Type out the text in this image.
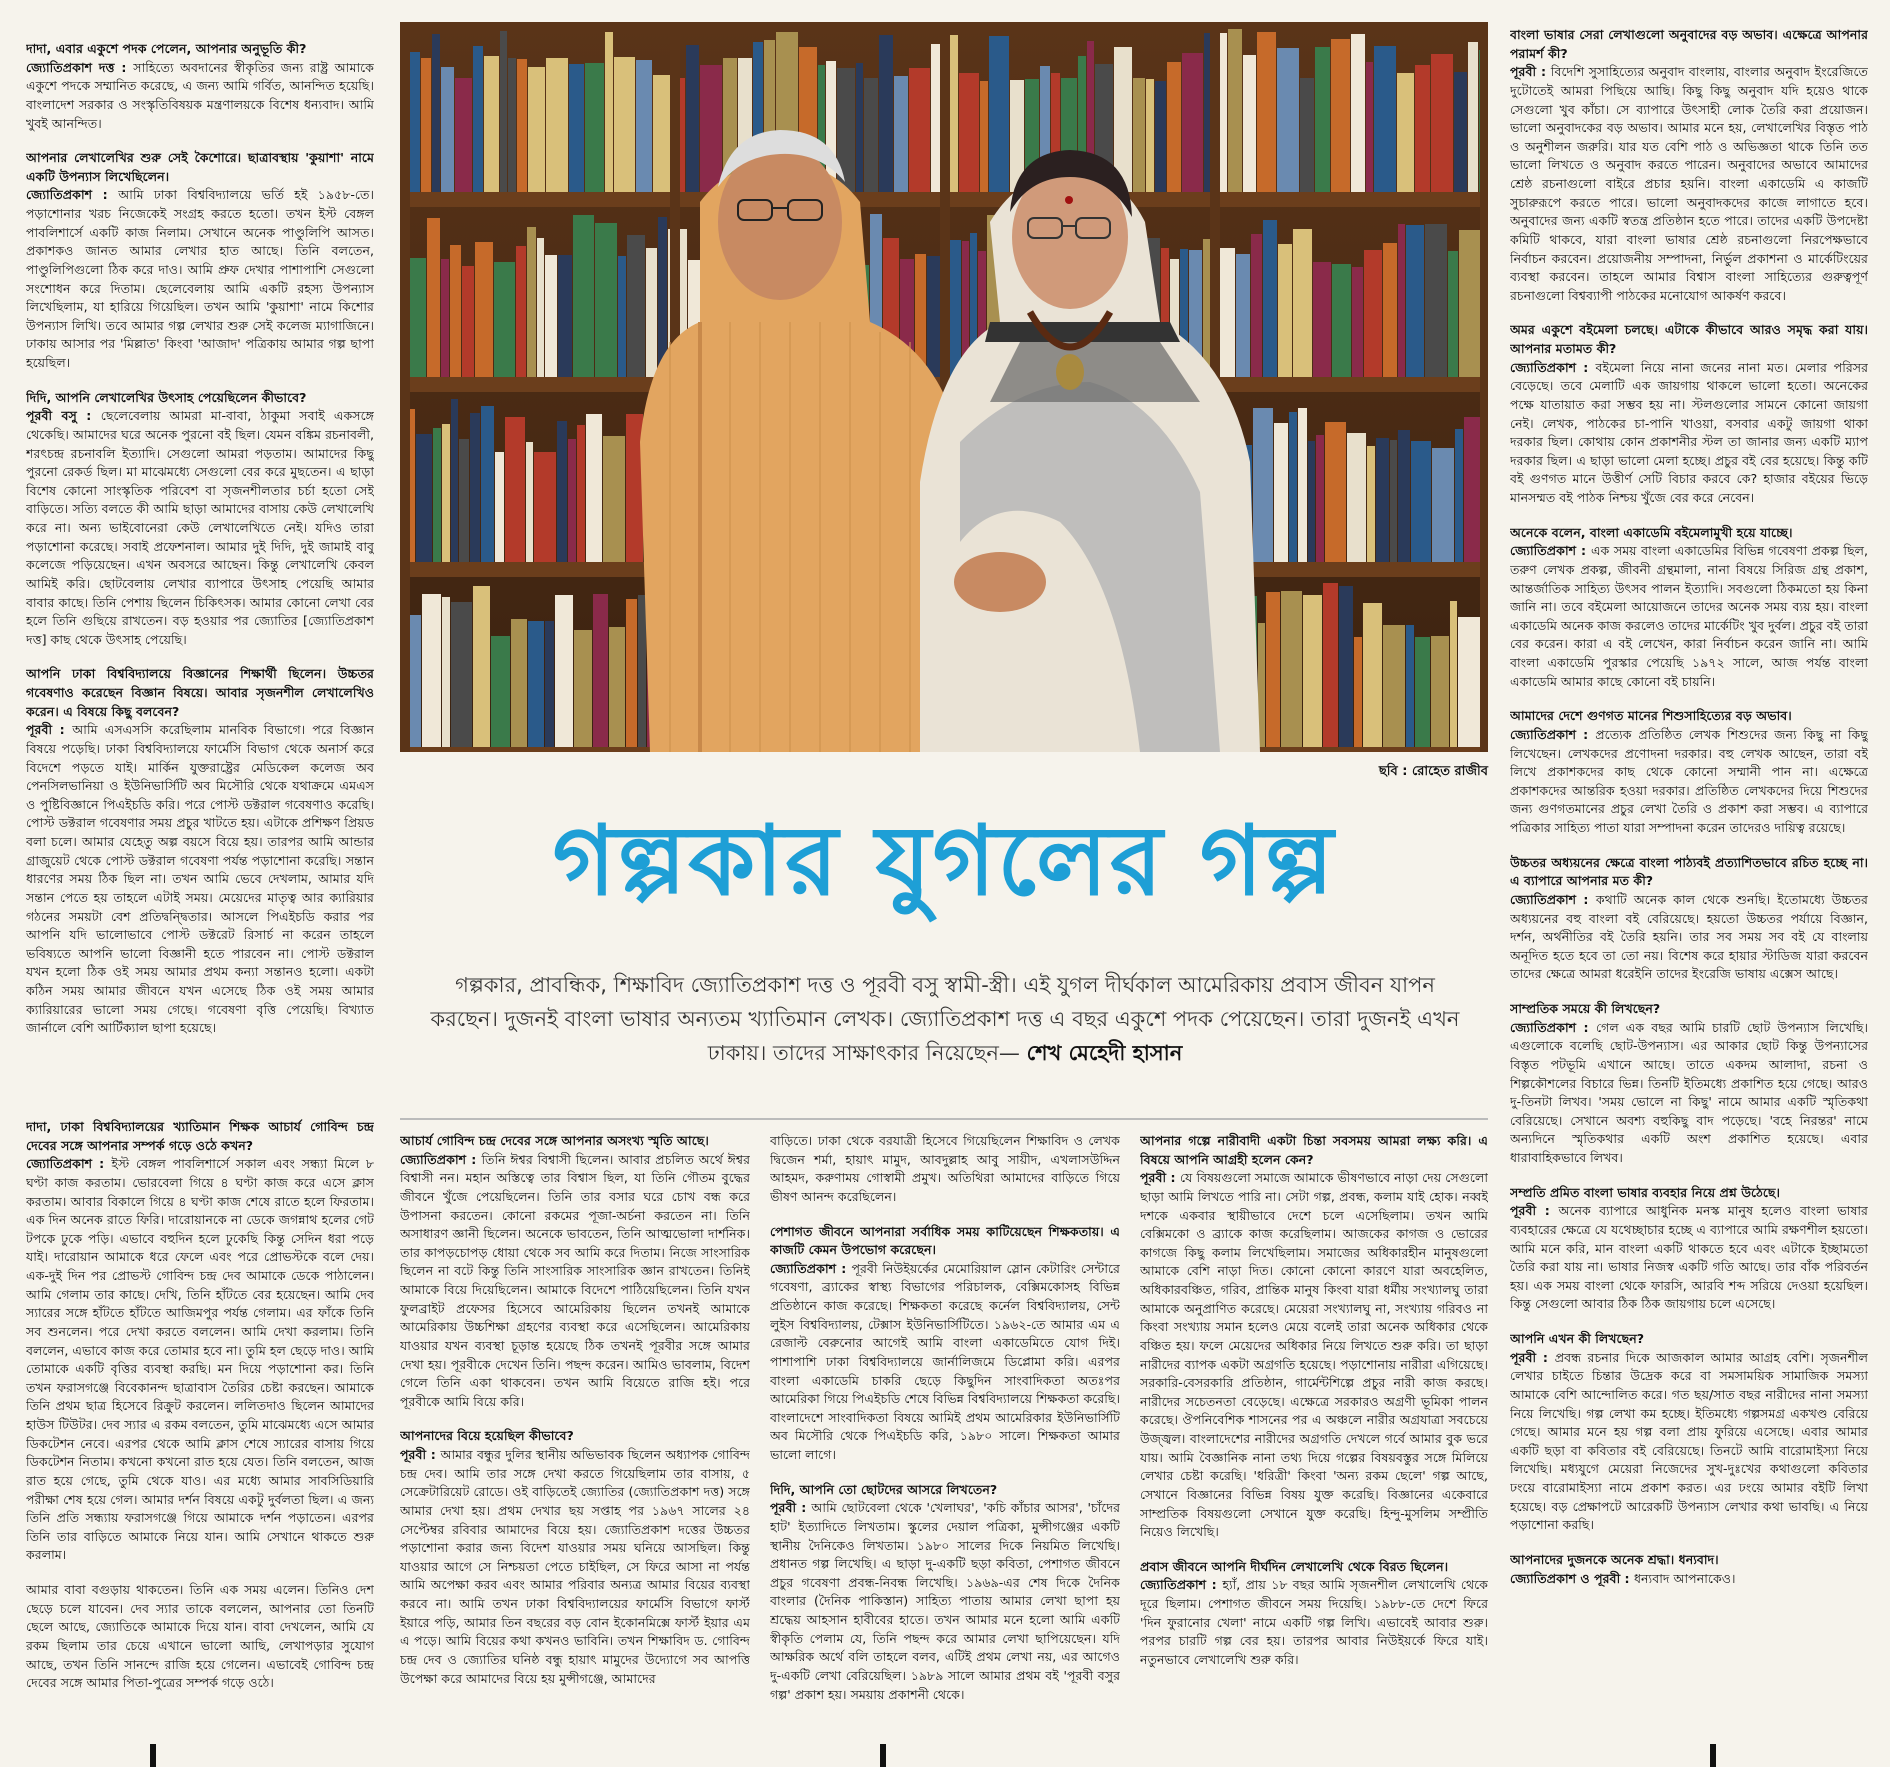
দাদা, এবার একুশে পদক পেলেন, আপনার অনুভূতি কী?

জ্যোতিপ্রকাশ দত্ত : সাহিত্যে অবদানের স্বীকৃতির জন্য রাষ্ট্র আমাকে একুশে পদকে সম্মানিত করেছে, এ জন্য আমি গর্বিত, আনন্দিত হয়েছি। বাংলাদেশ সরকার ও সংস্কৃতিবিষয়ক মন্ত্রণালয়কে বিশেষ ধন্যবাদ। আমি খুবই আনন্দিত।

আপনার লেখালেখির শুরু সেই কৈশোরে। ছাত্রাবস্থায় 'কুয়াশা' নামে একটি উপন্যাস লিখেছিলেন।

জ্যোতিপ্রকাশ : আমি ঢাকা বিশ্ববিদ্যালয়ে ভর্তি হই ১৯৫৮-তে। পড়াশোনার খরচ নিজেকেই সংগ্রহ করতে হতো। তখন ইস্ট বেঙ্গল পাবলিশার্সে একটি কাজ নিলাম। সেখানে অনেক পাণ্ডুলিপি আসত। প্রকাশকও জানত আমার লেখার হাত আছে। তিনি বলতেন, পাণ্ডুলিপিগুলো ঠিক করে দাও। আমি প্রুফ দেখার পাশাপাশি সেগুলো সংশোধন করে দিতাম। ছেলেবেলায় আমি একটি রহস্য উপন্যাস লিখেছিলাম, যা হারিয়ে গিয়েছিল। তখন আমি 'কুয়াশা' নামে কিশোর উপন্যাস লিখি। তবে আমার গল্প লেখার শুরু সেই কলেজ ম্যাগাজিনে। ঢাকায় আসার পর 'মিল্লাত' কিংবা 'আজাদ' পত্রিকায় আমার গল্প ছাপা হয়েছিল।

দিদি, আপনি লেখালেখির উৎসাহ পেয়েছিলেন কীভাবে?

পূরবী বসু : ছেলেবেলায় আমরা মা-বাবা, ঠাকুমা সবাই একসঙ্গে থেকেছি। আমাদের ঘরে অনেক পুরনো বই ছিল। যেমন বঙ্কিম রচনাবলী, শরৎচন্দ্র রচনাবলি ইত্যাদি। সেগুলো আমরা পড়তাম। আমাদের কিছু পুরনো রেকর্ড ছিল। মা মাঝেমধ্যে সেগুলো বের করে মুছতেন। এ ছাড়া বিশেষ কোনো সাংস্কৃতিক পরিবেশ বা সৃজনশীলতার চর্চা হতো সেই বাড়িতে। সত্যি বলতে কী আমি ছাড়া আমাদের বাসায় কেউ লেখালেখি করে না। অন্য ভাইবোনেরা কেউ লেখালেখিতে নেই। যদিও তারা পড়াশোনা করেছে। সবাই প্রফেশনাল। আমার দুই দিদি, দুই জামাই বাবু কলেজে পড়িয়েছেন। এখন অবসরে আছেন। কিন্তু লেখালেখি কেবল আমিই করি। ছোটবেলায় লেখার ব্যাপারে উৎসাহ পেয়েছি আমার বাবার কাছে। তিনি পেশায় ছিলেন চিকিৎসক। আমার কোনো লেখা বের হলে তিনি গুছিয়ে রাখতেন। বড় হওয়ার পর জ্যোতির [জ্যোতিপ্রকাশ দত্ত] কাছ থেকে উৎসাহ পেয়েছি।

আপনি ঢাকা বিশ্ববিদ্যালয়ে বিজ্ঞানের শিক্ষার্থী ছিলেন। উচ্চতর গবেষণাও করেছেন বিজ্ঞান বিষয়ে। আবার সৃজনশীল লেখালেখিও করেন। এ বিষয়ে কিছু বলবেন?

পূরবী : আমি এসএসসি করেছিলাম মানবিক বিভাগে। পরে বিজ্ঞান বিষয়ে পড়েছি। ঢাকা বিশ্ববিদ্যালয়ে ফার্মেসি বিভাগ থেকে অনার্স করে বিদেশে পড়তে যাই। মার্কিন যুক্তরাষ্ট্রের মেডিকেল কলেজ অব পেনসিলভানিয়া ও ইউনিভার্সিটি অব মিসৌরি থেকে যথাক্রমে এমএস ও পুষ্টিবিজ্ঞানে পিএইচডি করি। পরে পোস্ট ডক্টরাল গবেষণাও করেছি। পোস্ট ডক্টরাল গবেষণার সময় প্রচুর খাটতে হয়। এটাকে প্রশিক্ষণ প্রিয়ড বলা চলে। আমার যেহেতু অল্প বয়সে বিয়ে হয়। তারপর আমি আন্ডার গ্রাজুয়েট থেকে পোস্ট ডক্টরাল গবেষণা পর্যন্ত পড়াশোনা করেছি। সন্তান ধারণের সময় ঠিক ছিল না। তখন আমি ভেবে দেখলাম, আমার যদি সন্তান পেতে হয় তাহলে এটাই সময়। মেয়েদের মাতৃত্ব আর ক্যারিয়ার গঠনের সময়টা বেশ প্রতিদ্বন্দ্বিতার। আসলে পিএইচডি করার পর আপনি যদি ভালোভাবে পোস্ট ডক্টরেট রিসার্চ না করেন তাহলে ভবিষ্যতে আপনি ভালো বিজ্ঞানী হতে পারবেন না। পোস্ট ডক্টরাল যখন হলো ঠিক ওই সময় আমার প্রথম কন্যা সন্তানও হলো। একটা কঠিন সময় আমার জীবনে যখন এসেছে ঠিক ওই সময় আমার ক্যারিয়ারের ভালো সময় গেছে। গবেষণা বৃত্তি পেয়েছি। বিখ্যাত জার্নালে বেশি আর্টিক্যাল ছাপা হয়েছে।

দাদা, ঢাকা বিশ্ববিদ্যালয়ের খ্যাতিমান শিক্ষক আচার্য গোবিন্দ চন্দ্র দেবের সঙ্গে আপনার সম্পর্ক গড়ে ওঠে কখন?

জ্যোতিপ্রকাশ : ইস্ট বেঙ্গল পাবলিশার্সে সকাল এবং সন্ধ্যা মিলে ৮ ঘণ্টা কাজ করতাম। ভোরবেলা গিয়ে ৪ ঘণ্টা কাজ করে এসে ক্লাস করতাম। আবার বিকালে গিয়ে ৪ ঘণ্টা কাজ শেষে রাতে হলে ফিরতাম। এক দিন অনেক রাতে ফিরি। দারোয়ানকে না ডেকে জগন্নাথ হলের গেট টপকে ঢুকে পড়ি। এভাবে বহুদিন হলে ঢুকেছি কিন্তু সেদিন ধরা পড়ে যাই। দারোয়ান আমাকে ধরে ফেলে এবং পরে প্রোভস্টকে বলে দেয়। এক-দুই দিন পর প্রোভস্ট গোবিন্দ চন্দ্র দেব আমাকে ডেকে পাঠালেন। আমি গেলাম তার কাছে। দেখি, তিনি হাঁটতে বের হয়েছেন। আমি দেব স্যারের সঙ্গে হাঁটতে হাঁটতে আজিমপুর পর্যন্ত গেলাম। এর ফাঁকে তিনি সব শুনলেন। পরে দেখা করতে বললেন। আমি দেখা করলাম। তিনি বললেন, এভাবে কাজ করে তোমার হবে না। তুমি হল ছেড়ে দাও। আমি তোমাকে একটি বৃত্তির ব্যবস্থা করছি। মন দিয়ে পড়াশোনা কর। তিনি তখন ফরাসগঞ্জে বিবেকানন্দ ছাত্রাবাস তৈরির চেষ্টা করছেন। আমাকে তিনি প্রথম ছাত্র হিসেবে রিক্রুট করলেন। ললিতদাও ছিলেন আমাদের হাউস টিউটর। দেব স্যার এ রকম বলতেন, তুমি মাঝেমধ্যে এসে আমার ডিকটেশন নেবে। এরপর থেকে আমি ক্লাস শেষে স্যারের বাসায় গিয়ে ডিকটেশন নিতাম। কখনো কখনো রাত হয়ে যেত। তিনি বলতেন, আজ রাত হয়ে গেছে, তুমি থেকে যাও। এর মধ্যে আমার সাবসিডিয়ারি পরীক্ষা শেষ হয়ে গেল। আমার দর্শন বিষয়ে একটু দুর্বলতা ছিল। এ জন্য তিনি প্রতি সন্ধ্যায় ফরাসগঞ্জে গিয়ে আমাকে দর্শন পড়াতেন। এরপর তিনি তার বাড়িতে আমাকে নিয়ে যান। আমি সেখানে থাকতে শুরু করলাম।

আমার বাবা বগুড়ায় থাকতেন। তিনি এক সময় এলেন। তিনিও দেশ ছেড়ে চলে যাবেন। দেব স্যার তাকে বললেন, আপনার তো তিনটি ছেলে আছে, জ্যোতিকে আমাকে দিয়ে যান। বাবা দেখলেন, আমি যে রকম ছিলাম তার চেয়ে এখানে ভালো আছি, লেখাপড়ার সুযোগ আছে, তখন তিনি সানন্দে রাজি হয়ে গেলেন। এভাবেই গোবিন্দ চন্দ্র দেবের সঙ্গে আমার পিতা-পুত্রের সম্পর্ক গড়ে ওঠে।

ছবি : রোহেত রাজীব
গল্পকার যুগলের গল্প
গল্পকার, প্রাবন্ধিক, শিক্ষাবিদ জ্যোতিপ্রকাশ দত্ত ও পূরবী বসু স্বামী-স্ত্রী। এই যুগল দীর্ঘকাল আমেরিকায় প্রবাস জীবন যাপন করছেন। দুজনই বাংলা ভাষার অন্যতম খ্যাতিমান লেখক। জ্যোতিপ্রকাশ দত্ত এ বছর একুশে পদক পেয়েছেন। তারা দুজনই এখন ঢাকায়। তাদের সাক্ষাৎকার নিয়েছেন— শেখ মেহেদী হাসান

আচার্য গোবিন্দ চন্দ্র দেবের সঙ্গে আপনার অসংখ্য স্মৃতি আছে।

জ্যোতিপ্রকাশ : তিনি ঈশ্বর বিশ্বাসী ছিলেন। আবার প্রচলিত অর্থে ঈশ্বর বিশ্বাসী নন। মহান অস্তিত্বে তার বিশ্বাস ছিল, যা তিনি গৌতম বুদ্ধের জীবনে খুঁজে পেয়েছিলেন। তিনি তার বসার ঘরে চোখ বন্ধ করে উপাসনা করতেন। কোনো রকমের পূজা-অর্চনা করতেন না। তিনি অসাধারণ জ্ঞানী ছিলেন। অনেকে ভাবতেন, তিনি আত্মভোলা দার্শনিক। তার কাপড়চোপড় ধোয়া থেকে সব আমি করে দিতাম। নিজে সাংসারিক ছিলেন না বটে কিন্তু তিনি সাংসারিক সাংসারিক জ্ঞান রাখতেন। তিনিই আমাকে বিয়ে দিয়েছিলেন। আমাকে বিদেশে পাঠিয়েছিলেন। তিনি যখন ফুলব্রাইট প্রফেসর হিসেবে আমেরিকায় ছিলেন তখনই আমাকে আমেরিকায় উচ্চশিক্ষা গ্রহণের ব্যবস্থা করে এসেছিলেন। আমেরিকায় যাওয়ার যখন ব্যবস্থা চূড়ান্ত হয়েছে ঠিক তখনই পূরবীর সঙ্গে আমার দেখা হয়। পূরবীকে দেখেন তিনি। পছন্দ করেন। আমিও ভাবলাম, বিদেশ গেলে তিনি একা থাকবেন। তখন আমি বিয়েতে রাজি হই। পরে পূরবীকে আমি বিয়ে করি।

আপনাদের বিয়ে হয়েছিল কীভাবে?

পূরবী : আমার বন্ধুর দুলির স্থানীয় অভিভাবক ছিলেন অধ্যাপক গোবিন্দ চন্দ্র দেব। আমি তার সঙ্গে দেখা করতে গিয়েছিলাম তার বাসায়, ৫ সেক্রেটারিয়েট রোডে। ওই বাড়িতেই জ্যোতির (জ্যোতিপ্রকাশ দত্ত) সঙ্গে আমার দেখা হয়। প্রথম দেখার ছয় সপ্তাহ পর ১৯৬৭ সালের ২৪ সেপ্টেম্বর রবিবার আমাদের বিয়ে হয়। জ্যোতিপ্রকাশ দত্তের উচ্চতর পড়াশোনা করার জন্য বিদেশ যাওয়ার সময় ঘনিয়ে আসছিল। কিন্তু যাওয়ার আগে সে নিশ্চয়তা পেতে চাইছিল, সে ফিরে আসা না পর্যন্ত আমি অপেক্ষা করব এবং আমার পরিবার অন্যত্র আমার বিয়ের ব্যবস্থা করবে না। আমি তখন ঢাকা বিশ্ববিদ্যালয়ের ফার্মেসি বিভাগে ফার্স্ট ইয়ারে পড়ি, আমার তিন বছরের বড় বোন ইকোনমিক্সে ফার্স্ট ইয়ার এম এ পড়ে। আমি বিয়ের কথা কখনও ভাবিনি। তখন শিক্ষাবিদ ড. গোবিন্দ চন্দ্র দেব ও জ্যোতির ঘনিষ্ঠ বন্ধু হায়াৎ মামুদের উদ্যোগে সব আপত্তি উপেক্ষা করে আমাদের বিয়ে হয় মুন্সীগঞ্জে, আমাদের

বাড়িতে। ঢাকা থেকে বরযাত্রী হিসেবে গিয়েছিলেন শিক্ষাবিদ ও লেখক দ্বিজেন শর্মা, হায়াৎ মামুদ, আবদুল্লাহ আবু সায়ীদ, এখলাসউদ্দিন আহমদ, করুণাময় গোস্বামী প্রমুখ। অতিথিরা আমাদের বাড়িতে গিয়ে ভীষণ আনন্দ করেছিলেন।

পেশাগত জীবনে আপনারা সর্বাধিক সময় কাটিয়েছেন শিক্ষকতায়। এ কাজটি কেমন উপভোগ করেছেন।

জ্যোতিপ্রকাশ : পূরবী নিউইয়র্কের মেমোরিয়াল স্লোন কেটারিং সেন্টারে গবেষণা, ব্র্যাকের স্বাস্থ্য বিভাগের পরিচালক, বেক্সিমকোসহ বিভিন্ন প্রতিষ্ঠানে কাজ করেছে। শিক্ষকতা করেছে কর্নেল বিশ্ববিদ্যালয়, সেন্ট লুইস বিশ্ববিদ্যালয়, টেক্সাস ইউনিভার্সিটিতে। ১৯৬২-তে আমার এম এ রেজাল্ট বেরুনোর আগেই আমি বাংলা একাডেমিতে যোগ দিই। পাশাপাশি ঢাকা বিশ্ববিদ্যালয়ে জার্নালিজমে ডিপ্লোমা করি। এরপর বাংলা একাডেমি চাকরি ছেড়ে কিছুদিন সাংবাদিকতা অতঃপর আমেরিকা গিয়ে পিএইচডি শেষে বিভিন্ন বিশ্ববিদ্যালয়ে শিক্ষকতা করেছি। বাংলাদেশে সাংবাদিকতা বিষয়ে আমিই প্রথম আমেরিকার ইউনিভার্সিটি অব মিসৌরি থেকে পিএইচডি করি, ১৯৮০ সালে। শিক্ষকতা আমার ভালো লাগে।

দিদি, আপনি তো ছোটদের আসরে লিখতেন?

পূরবী : আমি ছোটবেলা থেকে 'খেলাঘর', 'কচি কাঁচার আসর', 'চাঁদের হাট' ইত্যাদিতে লিখতাম। স্কুলের দেয়াল পত্রিকা, মুন্সীগঞ্জের একটি স্থানীয় দৈনিকেও লিখতাম। ১৯৮০ সালের দিকে নিয়মিত লিখেছি। প্রধানত গল্প লিখেছি। এ ছাড়া দু-একটি ছড়া কবিতা, পেশাগত জীবনে প্রচুর গবেষণা প্রবন্ধ-নিবন্ধ লিখেছি। ১৯৬৯-এর শেষ দিকে দৈনিক বাংলার (দৈনিক পাকিস্তান) সাহিত্য পাতায় আমার লেখা ছাপা হয় শ্রদ্ধেয় আহসান হাবীবের হাতে। তখন আমার মনে হলো আমি একটি স্বীকৃতি পেলাম যে, তিনি পছন্দ করে আমার লেখা ছাপিয়েছেন। যদি আক্ষরিক অর্থে বলি তাহলে বলব, এটিই প্রথম লেখা নয়, এর আগেও দু-একটি লেখা বেরিয়েছিল। ১৯৮৯ সালে আমার প্রথম বই 'পূরবী বসুর গল্প' প্রকাশ হয়। সময়ায় প্রকাশনী থেকে।

আপনার গল্পে নারীবাদী একটা চিন্তা সবসময় আমরা লক্ষ্য করি। এ বিষয়ে আপনি আগ্রহী হলেন কেন?

পূরবী : যে বিষয়গুলো সমাজে আমাকে ভীষণভাবে নাড়া দেয় সেগুলো ছাড়া আমি লিখতে পারি না। সেটা গল্প, প্রবন্ধ, কলাম যাই হোক। নব্বই দশকে একবার স্থায়ীভাবে দেশে চলে এসেছিলাম। তখন আমি বেক্সিমকো ও ব্র্যাকে কাজ করেছিলাম। আজকের কাগজ ও ভোরের কাগজে কিছু কলাম লিখেছিলাম। সমাজের অধিকারহীন মানুষগুলো আমাকে বেশি নাড়া দিত। কোনো কোনো কারণে যারা অবহেলিত, অধিকারবঞ্চিত, গরিব, প্রান্তিক মানুষ কিংবা যারা ধর্মীয় সংখ্যালঘু তারা আমাকে অনুপ্রাণিত করেছে। মেয়েরা সংখ্যালঘু না, সংখ্যায় গরিবও না কিংবা সংখ্যায় সমান হলেও মেয়ে বলেই তারা অনেক অধিকার থেকে বঞ্চিত হয়। ফলে মেয়েদের অধিকার নিয়ে লিখতে শুরু করি। তা ছাড়া নারীদের ব্যাপক একটা অগ্রগতি হয়েছে। পড়াশোনায় নারীরা এগিয়েছে। সরকারি-বেসরকারি প্রতিষ্ঠান, গার্মেন্টশিল্পে প্রচুর নারী কাজ করছে। নারীদের সচেতনতা বেড়েছে। এক্ষেত্রে সরকারও অগ্রণী ভূমিকা পালন করেছে। ঔপনিবেশিক শাসনের পর এ অঞ্চলে নারীর অগ্রযাত্রা সবচেয়ে উজ্জ্বল। বাংলাদেশের নারীদের অগ্রগতি দেখলে গর্বে আমার বুক ভরে যায়। আমি বৈজ্ঞানিক নানা তথ্য দিয়ে গল্পের বিষয়বস্তুর সঙ্গে মিলিয়ে লেখার চেষ্টা করেছি। 'ধরিত্রী' কিংবা 'অন্য রকম ছেলে' গল্প আছে, সেখানে বিজ্ঞানের বিভিন্ন বিষয় যুক্ত করেছি। বিজ্ঞানের একেবারে সাম্প্রতিক বিষয়গুলো সেখানে যুক্ত করেছি। হিন্দু-মুসলিম সম্প্রীতি নিয়েও লিখেছি।

প্রবাস জীবনে আপনি দীর্ঘদিন লেখালেখি থেকে বিরত ছিলেন।

জ্যোতিপ্রকাশ : হ্যাঁ, প্রায় ১৮ বছর আমি সৃজনশীল লেখালেখি থেকে দূরে ছিলাম। পেশাগত জীবনে সময় দিয়েছি। ১৯৮৮-তে দেশে ফিরে 'দিন ফুরানোর খেলা' নামে একটি গল্প লিখি। এভাবেই আবার শুরু। পরপর চারটি গল্প বের হয়। তারপর আবার নিউইয়র্কে ফিরে যাই। নতুনভাবে লেখালেখি শুরু করি।

বাংলা ভাষার সেরা লেখাগুলো অনুবাদের বড় অভাব। এক্ষেত্রে আপনার পরামর্শ কী?

পূরবী : বিদেশি সুসাহিত্যের অনুবাদ বাংলায়, বাংলার অনুবাদ ইংরেজিতে দুটোতেই আমরা পিছিয়ে আছি। কিছু কিছু অনুবাদ যদি হয়েও থাকে সেগুলো খুব কাঁচা। সে ব্যাপারে উৎসাহী লোক তৈরি করা প্রয়োজন। ভালো অনুবাদকের বড় অভাব। আমার মনে হয়, লেখালেখির বিস্তৃত পাঠ ও অনুশীলন জরুরি। যার যত বেশি পাঠ ও অভিজ্ঞতা থাকে তিনি তত ভালো লিখতে ও অনুবাদ করতে পারেন। অনুবাদের অভাবে আমাদের শ্রেষ্ঠ রচনাগুলো বাইরে প্রচার হয়নি। বাংলা একাডেমি এ কাজটি সুচারুরূপে করতে পারে। ভালো অনুবাদকদের কাজে লাগাতে হবে। অনুবাদের জন্য একটি স্বতন্ত্র প্রতিষ্ঠান হতে পারে। তাদের একটি উপদেষ্টা কমিটি থাকবে, যারা বাংলা ভাষার শ্রেষ্ঠ রচনাগুলো নিরপেক্ষভাবে নির্বাচন করবেন। প্রয়োজনীয় সম্পাদনা, নির্ভুল প্রকাশনা ও মার্কেটিংয়ের ব্যবস্থা করবেন। তাহলে আমার বিশ্বাস বাংলা সাহিত্যের গুরুত্বপূর্ণ রচনাগুলো বিশ্বব্যাপী পাঠকের মনোযোগ আকর্ষণ করবে।

অমর একুশে বইমেলা চলছে। এটাকে কীভাবে আরও সমৃদ্ধ করা যায়। আপনার মতামত কী?

জ্যোতিপ্রকাশ : বইমেলা নিয়ে নানা জনের নানা মত। মেলার পরিসর বেড়েছে। তবে মেলাটি এক জায়গায় থাকলে ভালো হতো। অনেকের পক্ষে যাতায়াত করা সম্ভব হয় না। স্টলগুলোর সামনে কোনো জায়গা নেই। লেখক, পাঠকের চা-পানি খাওয়া, বসবার একটু জায়গা থাকা দরকার ছিল। কোথায় কোন প্রকাশনীর স্টল তা জানার জন্য একটি ম্যাপ দরকার ছিল। এ ছাড়া ভালো মেলা হচ্ছে। প্রচুর বই বের হয়েছে। কিন্তু কটি বই গুণগত মানে উত্তীর্ণ সেটি বিচার করবে কে? হাজার বইয়ের ভিড়ে মানসম্মত বই পাঠক নিশ্চয় খুঁজে বের করে নেবেন।

অনেকে বলেন, বাংলা একাডেমি বইমেলামুখী হয়ে যাচ্ছে।

জ্যোতিপ্রকাশ : এক সময় বাংলা একাডেমির বিভিন্ন গবেষণা প্রকল্প ছিল, তরুণ লেখক প্রকল্প, জীবনী গ্রন্থমালা, নানা বিষয়ে সিরিজ গ্রন্থ প্রকাশ, আন্তর্জাতিক সাহিত্য উৎসব পালন ইত্যাদি। সবগুলো ঠিকমতো হয় কিনা জানি না। তবে বইমেলা আয়োজনে তাদের অনেক সময় ব্যয় হয়। বাংলা একাডেমি অনেক কাজ করলেও তাদের মার্কেটিং খুব দুর্বল। প্রচুর বই তারা বের করেন। কারা এ বই লেখেন, কারা নির্বাচন করেন জানি না। আমি বাংলা একাডেমি পুরস্কার পেয়েছি ১৯৭২ সালে, আজ পর্যন্ত বাংলা একাডেমি আমার কাছে কোনো বই চায়নি।

আমাদের দেশে গুণগত মানের শিশুসাহিত্যের বড় অভাব।

জ্যোতিপ্রকাশ : প্রত্যেক প্রতিষ্ঠিত লেখক শিশুদের জন্য কিছু না কিছু লিখেছেন। লেখকদের প্রণোদনা দরকার। বহু লেখক আছেন, তারা বই লিখে প্রকাশকদের কাছ থেকে কোনো সম্মানী পান না। এক্ষেত্রে প্রকাশকদের আন্তরিক হওয়া দরকার। প্রতিষ্ঠিত লেখকদের দিয়ে শিশুদের জন্য গুণগতমানের প্রচুর লেখা তৈরি ও প্রকাশ করা সম্ভব। এ ব্যাপারে পত্রিকার সাহিত্য পাতা যারা সম্পাদনা করেন তাদেরও দায়িত্ব রয়েছে।

উচ্চতর অধ্যয়নের ক্ষেত্রে বাংলা পাঠ্যবই প্রত্যাশিতভাবে রচিত হচ্ছে না। এ ব্যাপারে আপনার মত কী?

জ্যোতিপ্রকাশ : কথাটি অনেক কাল থেকে শুনছি। ইতোমধ্যে উচ্চতর অধ্যয়নের বহু বাংলা বই বেরিয়েছে। হয়তো উচ্চতর পর্যায়ে বিজ্ঞান, দর্শন, অর্থনীতির বই তৈরি হয়নি। তার সব সময় সব বই যে বাংলায় অনূদিত হতে হবে তা তো নয়। বিশেষ করে হায়ার স্টাডিজ যারা করবেন তাদের ক্ষেত্রে আমরা ধরেইনি তাদের ইংরেজি ভাষায় এক্সেস আছে।

সাম্প্রতিক সময়ে কী লিখছেন?

জ্যোতিপ্রকাশ : গেল এক বছর আমি চারটি ছোট উপন্যাস লিখেছি। এগুলোকে বলেছি ছোট-উপন্যাস। এর আকার ছোট কিন্তু উপন্যাসের বিস্তৃত পটভূমি এখানে আছে। তাতে একদম আলাদা, রচনা ও শিল্পকৌশলের বিচারে ভিন্ন। তিনটি ইতিমধ্যে প্রকাশিত হয়ে গেছে। আরও দু-তিনটা লিখব। 'সময় ভোলে না কিছু' নামে আমার একটি স্মৃতিকথা বেরিয়েছে। সেখানে অবশ্য বহুকিছু বাদ পড়েছে। 'বহে নিরন্তর' নামে অন্যদিনে স্মৃতিকথার একটি অংশ প্রকাশিত হয়েছে। এবার ধারাবাহিকভাবে লিখব।

সম্প্রতি প্রমিত বাংলা ভাষার ব্যবহার নিয়ে প্রশ্ন উঠেছে।

পূরবী : অনেক ব্যাপারে আধুনিক মনস্ক মানুষ হলেও বাংলা ভাষার ব্যবহারের ক্ষেত্রে যে যথেচ্ছাচার হচ্ছে এ ব্যাপারে আমি রক্ষণশীল হয়তো। আমি মনে করি, মান বাংলা একটি থাকতে হবে এবং এটাকে ইচ্ছামতো তৈরি করা যায় না। ভাষার নিজস্ব একটি গতি আছে। তার বাঁক পরিবর্তন হয়। এক সময় বাংলা থেকে ফারসি, আরবি শব্দ সরিয়ে দেওয়া হয়েছিল। কিন্তু সেগুলো আবার ঠিক ঠিক জায়গায় চলে এসেছে।

আপনি এখন কী লিখছেন?

পূরবী : প্রবন্ধ রচনার দিকে আজকাল আমার আগ্রহ বেশি। সৃজনশীল লেখার চাইতে চিন্তার উদ্রেক করে বা সমসাময়িক সামাজিক সমস্যা আমাকে বেশি আন্দোলিত করে। গত ছয়/সাত বছর নারীদের নানা সমস্যা নিয়ে লিখেছি। গল্প লেখা কম হচ্ছে। ইতিমধ্যে গল্পসমগ্র একখণ্ড বেরিয়ে গেছে। আমার মনে হয় গল্প বলা প্রায় ফুরিয়ে এসেছে। এবার আমার একটি ছড়া বা কবিতার বই বেরিয়েছে। তিনটে আমি বারোমাইস্যা নিয়ে লিখেছি। মধ্যযুগে মেয়েরা নিজেদের সুখ-দুঃখের কথাগুলো কবিতার ঢংয়ে বারোমাইস্যা নামে প্রকাশ করত। এর ঢংয়ে আমার বইটি লিখা হয়েছে। বড় প্রেক্ষাপটে আরেকটি উপন্যাস লেখার কথা ভাবছি। এ নিয়ে পড়াশোনা করছি।

আপনাদের দুজনকে অনেক শ্রদ্ধা। ধন্যবাদ।

জ্যোতিপ্রকাশ ও পূরবী : ধন্যবাদ আপনাকেও।
